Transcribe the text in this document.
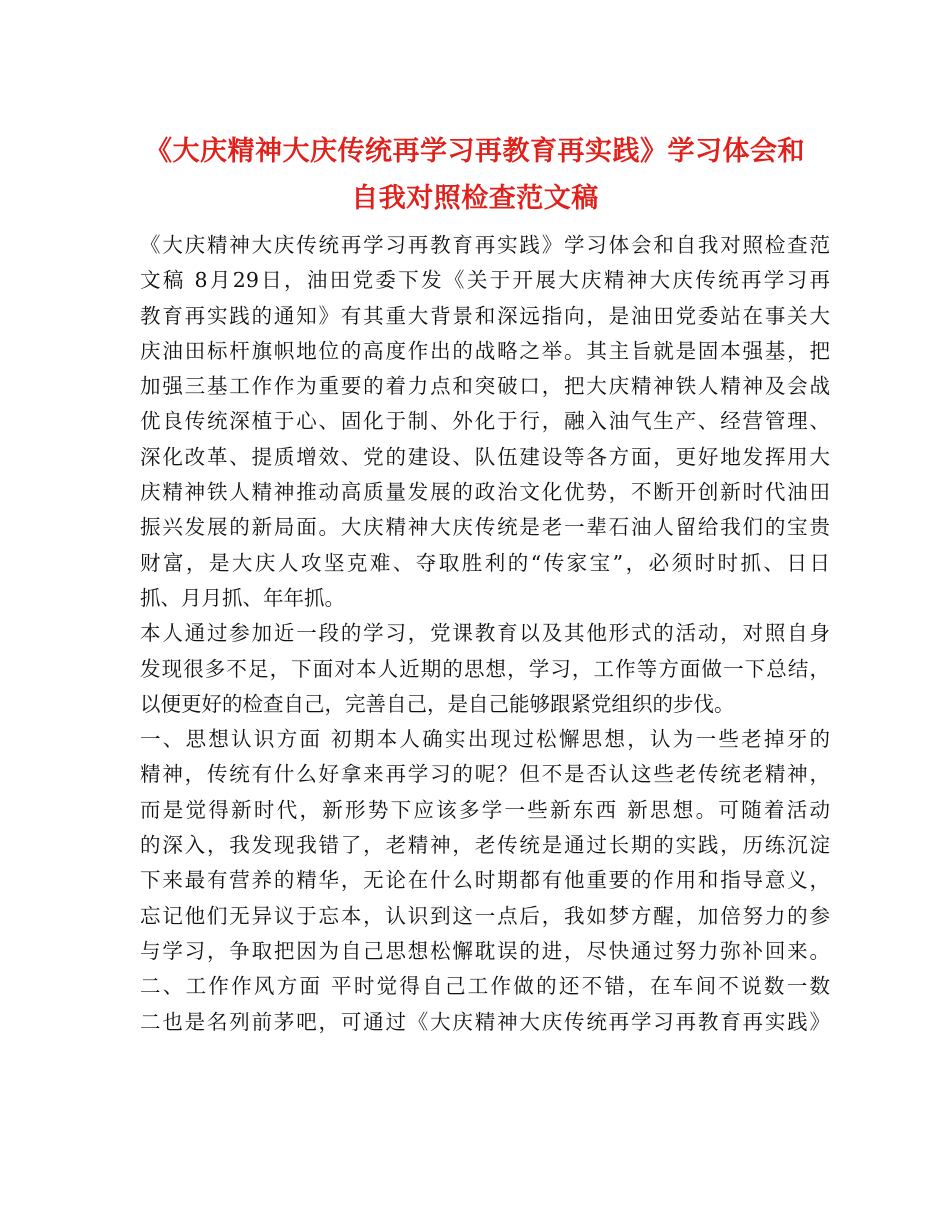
《大庆精神大庆传统再学习再教育再实践》学习体会和
自我对照检查范文稿
《大庆精神大庆传统再学习再教育再实践》学习体会和自我对照检查范
文稿 8月29日，油田党委下发《关于开展大庆精神大庆传统再学习再
教育再实践的通知》有其重大背景和深远指向，是油田党委站在事关大
庆油田标杆旗帜地位的高度作出的战略之举。其主旨就是固本强基，把
加强三基工作作为重要的着力点和突破口，把大庆精神铁人精神及会战
优良传统深植于心、固化于制、外化于行，融入油气生产、经营管理、
深化改革、提质增效、党的建设、队伍建设等各方面，更好地发挥用大
庆精神铁人精神推动高质量发展的政治文化优势，不断开创新时代油田
振兴发展的新局面。大庆精神大庆传统是老一辈石油人留给我们的宝贵
财富，是大庆人攻坚克难、夺取胜利的“传家宝”，必须时时抓、日日
抓、月月抓、年年抓。
本人通过参加近一段的学习，党课教育以及其他形式的活动，对照自身
发现很多不足，下面对本人近期的思想，学习，工作等方面做一下总结，
以便更好的检查自己，完善自己，是自己能够跟紧党组织的步伐。
一、思想认识方面 初期本人确实出现过松懈思想，认为一些老掉牙的
精神，传统有什么好拿来再学习的呢？但不是否认这些老传统老精神，
而是觉得新时代，新形势下应该多学一些新东西 新思想。可随着活动
的深入，我发现我错了，老精神，老传统是通过长期的实践，历练沉淀
下来最有营养的精华，无论在什么时期都有他重要的作用和指导意义，
忘记他们无异议于忘本，认识到这一点后，我如梦方醒，加倍努力的参
与学习，争取把因为自己思想松懈耽误的进，尽快通过努力弥补回来。
二、工作作风方面 平时觉得自己工作做的还不错，在车间不说数一数
二也是名列前茅吧，可通过《大庆精神大庆传统再学习再教育再实践》
